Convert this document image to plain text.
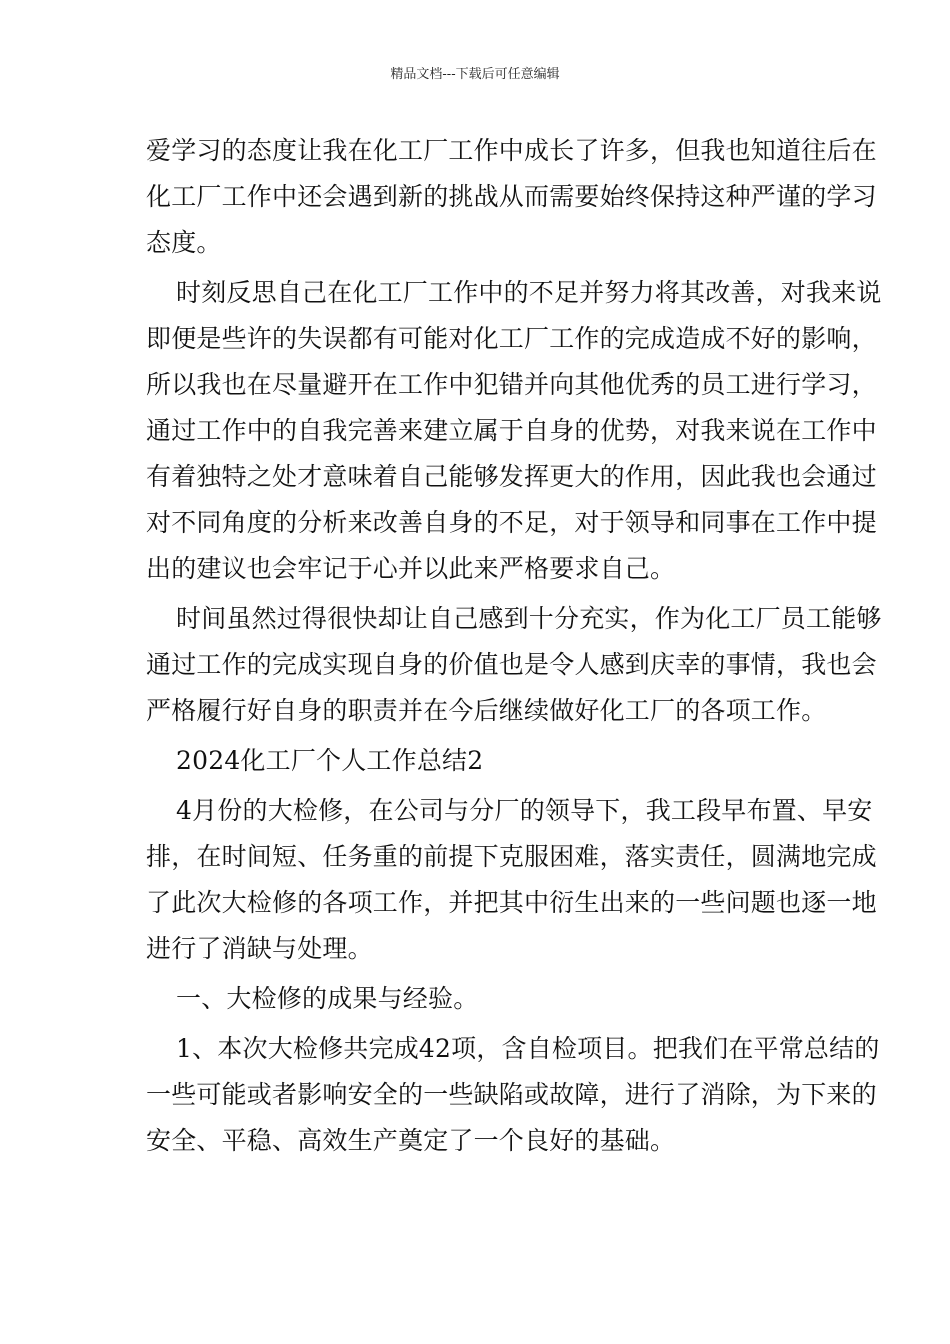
精品文档---下载后可任意编辑
爱学习的态度让我在化工厂工作中成长了许多，但我也知道往后在
化工厂工作中还会遇到新的挑战从而需要始终保持这种严谨的学习
态度。
时刻反思自己在化工厂工作中的不足并努力将其改善，对我来说
即便是些许的失误都有可能对化工厂工作的完成造成不好的影响，
所以我也在尽量避开在工作中犯错并向其他优秀的员工进行学习，
通过工作中的自我完善来建立属于自身的优势，对我来说在工作中
有着独特之处才意味着自己能够发挥更大的作用，因此我也会通过
对不同角度的分析来改善自身的不足，对于领导和同事在工作中提
出的建议也会牢记于心并以此来严格要求自己。
时间虽然过得很快却让自己感到十分充实，作为化工厂员工能够
通过工作的完成实现自身的价值也是令人感到庆幸的事情，我也会
严格履行好自身的职责并在今后继续做好化工厂的各项工作。
2024化工厂个人工作总结2
4月份的大检修，在公司与分厂的领导下，我工段早布置、早安
排，在时间短、任务重的前提下克服困难，落实责任，圆满地完成
了此次大检修的各项工作，并把其中衍生出来的一些问题也逐一地
进行了消缺与处理。
一、大检修的成果与经验。
1、本次大检修共完成42项，含自检项目。把我们在平常总结的
一些可能或者影响安全的一些缺陷或故障，进行了消除，为下来的
安全、平稳、高效生产奠定了一个良好的基础。
